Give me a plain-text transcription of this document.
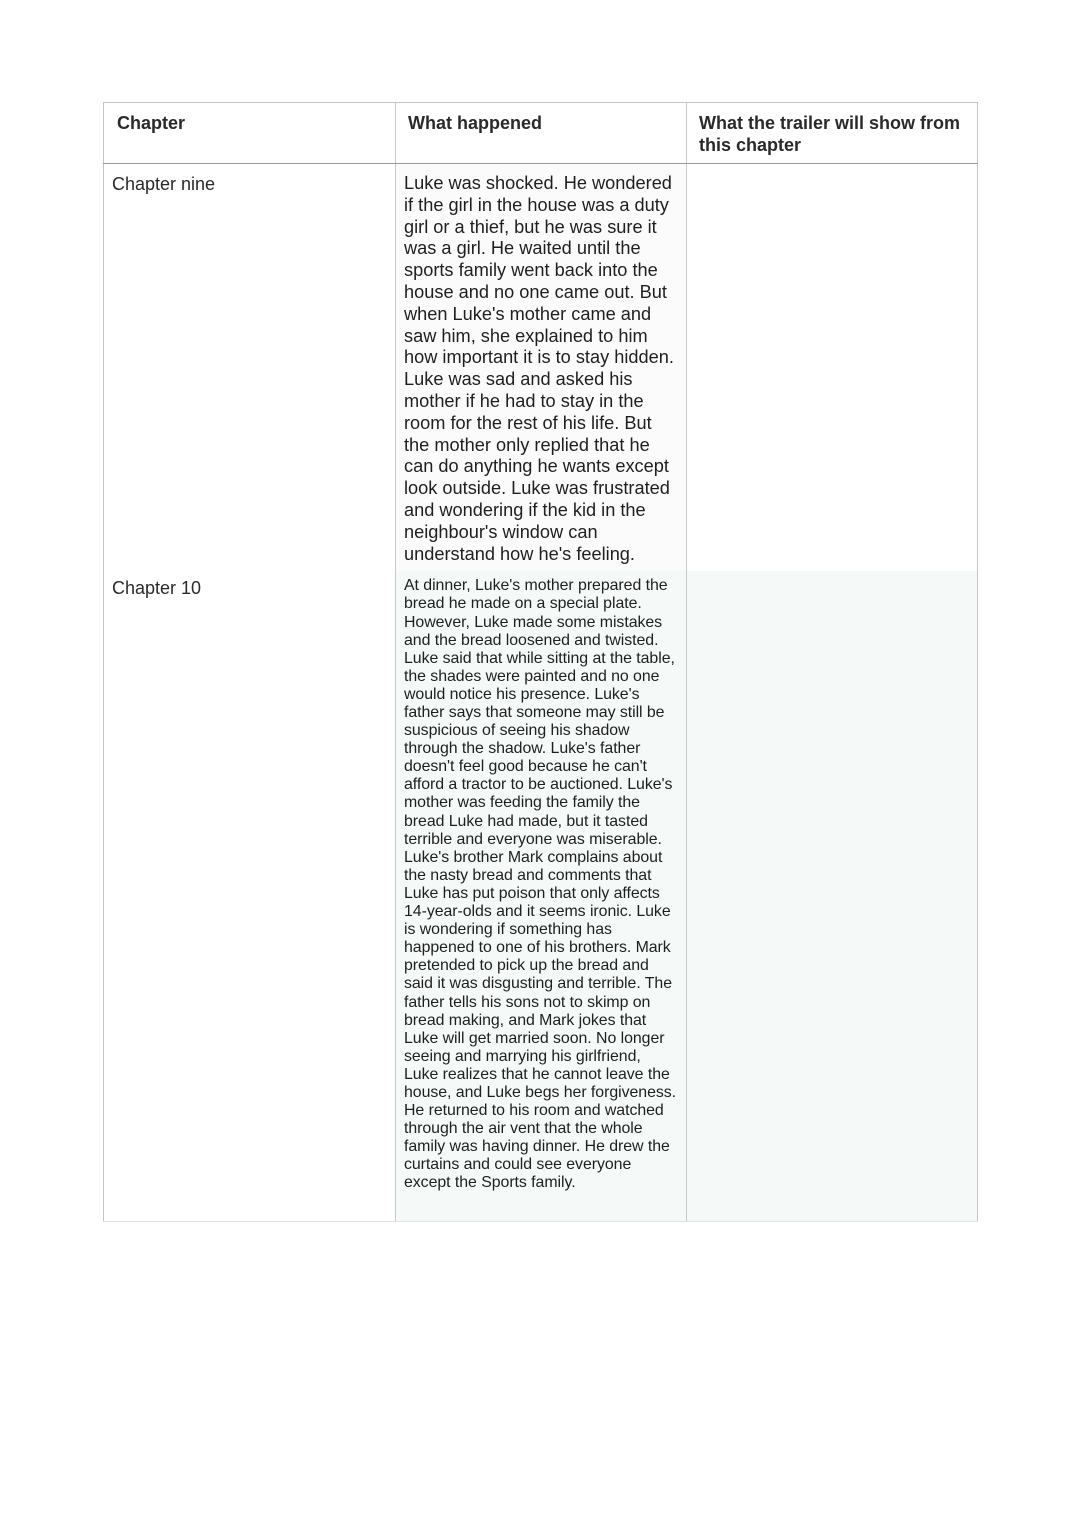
Chapter	What happened	What the trailer will show from this chapter

Chapter nine	Luke was shocked. He wondered if the girl in the house was a duty girl or a thief, but he was sure it was a girl. He waited until the sports family went back into the house and no one came out. But when Luke's mother came and saw him, she explained to him how important it is to stay hidden. Luke was sad and asked his mother if he had to stay in the room for the rest of his life. But the mother only replied that he can do anything he wants except look outside. Luke was frustrated and wondering if the kid in the neighbour's window can understand how he's feeling.	

Chapter 10	At dinner, Luke's mother prepared the bread he made on a special plate. However, Luke made some mistakes and the bread loosened and twisted. Luke said that while sitting at the table, the shades were painted and no one would notice his presence. Luke's father says that someone may still be suspicious of seeing his shadow through the shadow. Luke's father doesn't feel good because he can't afford a tractor to be auctioned. Luke's mother was feeding the family the bread Luke had made, but it tasted terrible and everyone was miserable. Luke's brother Mark complains about the nasty bread and comments that Luke has put poison that only affects 14-year-olds and it seems ironic. Luke is wondering if something has happened to one of his brothers. Mark pretended to pick up the bread and said it was disgusting and terrible. The father tells his sons not to skimp on bread making, and Mark jokes that Luke will get married soon. No longer seeing and marrying his girlfriend, Luke realizes that he cannot leave the house, and Luke begs her forgiveness. He returned to his room and watched through the air vent that the whole family was having dinner. He drew the curtains and could see everyone except the Sports family.	
